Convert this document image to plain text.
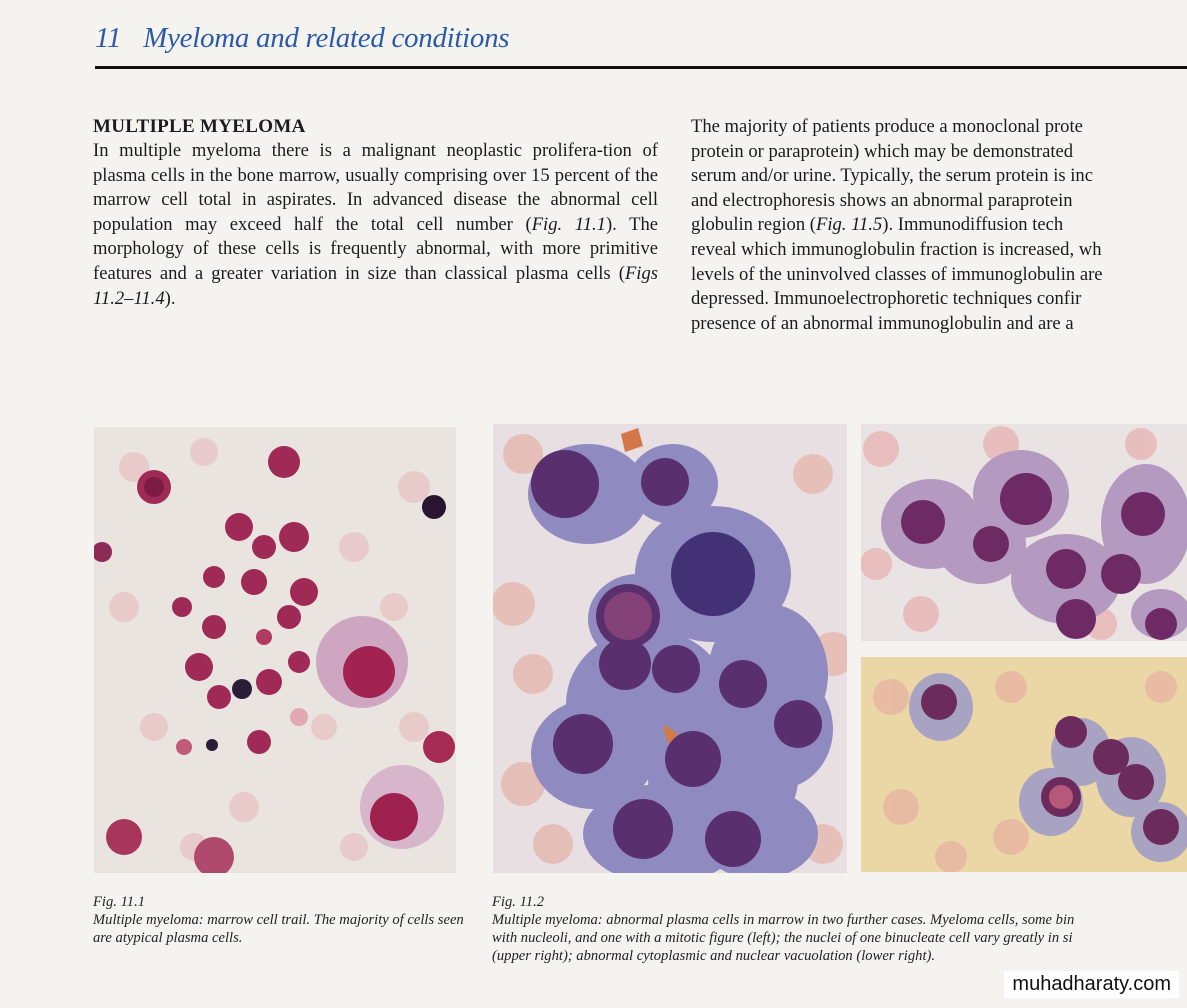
11 Myeloma and related conditions
MULTIPLE MYELOMA
In multiple myeloma there is a malignant neoplastic prolifera-tion of plasma cells in the bone marrow, usually comprising over 15 percent of the marrow cell total in aspirates. In advanced disease the abnormal cell population may exceed half the total cell number (Fig. 11.1). The morphology of these cells is frequently abnormal, with more primitive features and a greater variation in size than classical plasma cells (Figs 11.2–11.4).
The majority of patients produce a monoclonal prote
protein or paraprotein) which may be demonstrated
serum and/or urine. Typically, the serum protein is inc
and electrophoresis shows an abnormal paraprotein
globulin region (Fig. 11.5). Immunodiffusion tech
reveal which immunoglobulin fraction is increased, wh
levels of the uninvolved classes of immunoglobulin are
depressed. Immunoelectrophoretic techniques confir
presence of an abnormal immunoglobulin and are a
Fig. 11.1
Multiple myeloma: marrow cell trail. The majority of cells seen are atypical plasma cells.
Fig. 11.2
Multiple myeloma: abnormal plasma cells in marrow in two further cases. Myeloma cells, some bin
with nucleoli, and one with a mitotic figure (left); the nuclei of one binucleate cell vary greatly in si
(upper right); abnormal cytoplasmic and nuclear vacuolation (lower right).
muhadharaty.com
